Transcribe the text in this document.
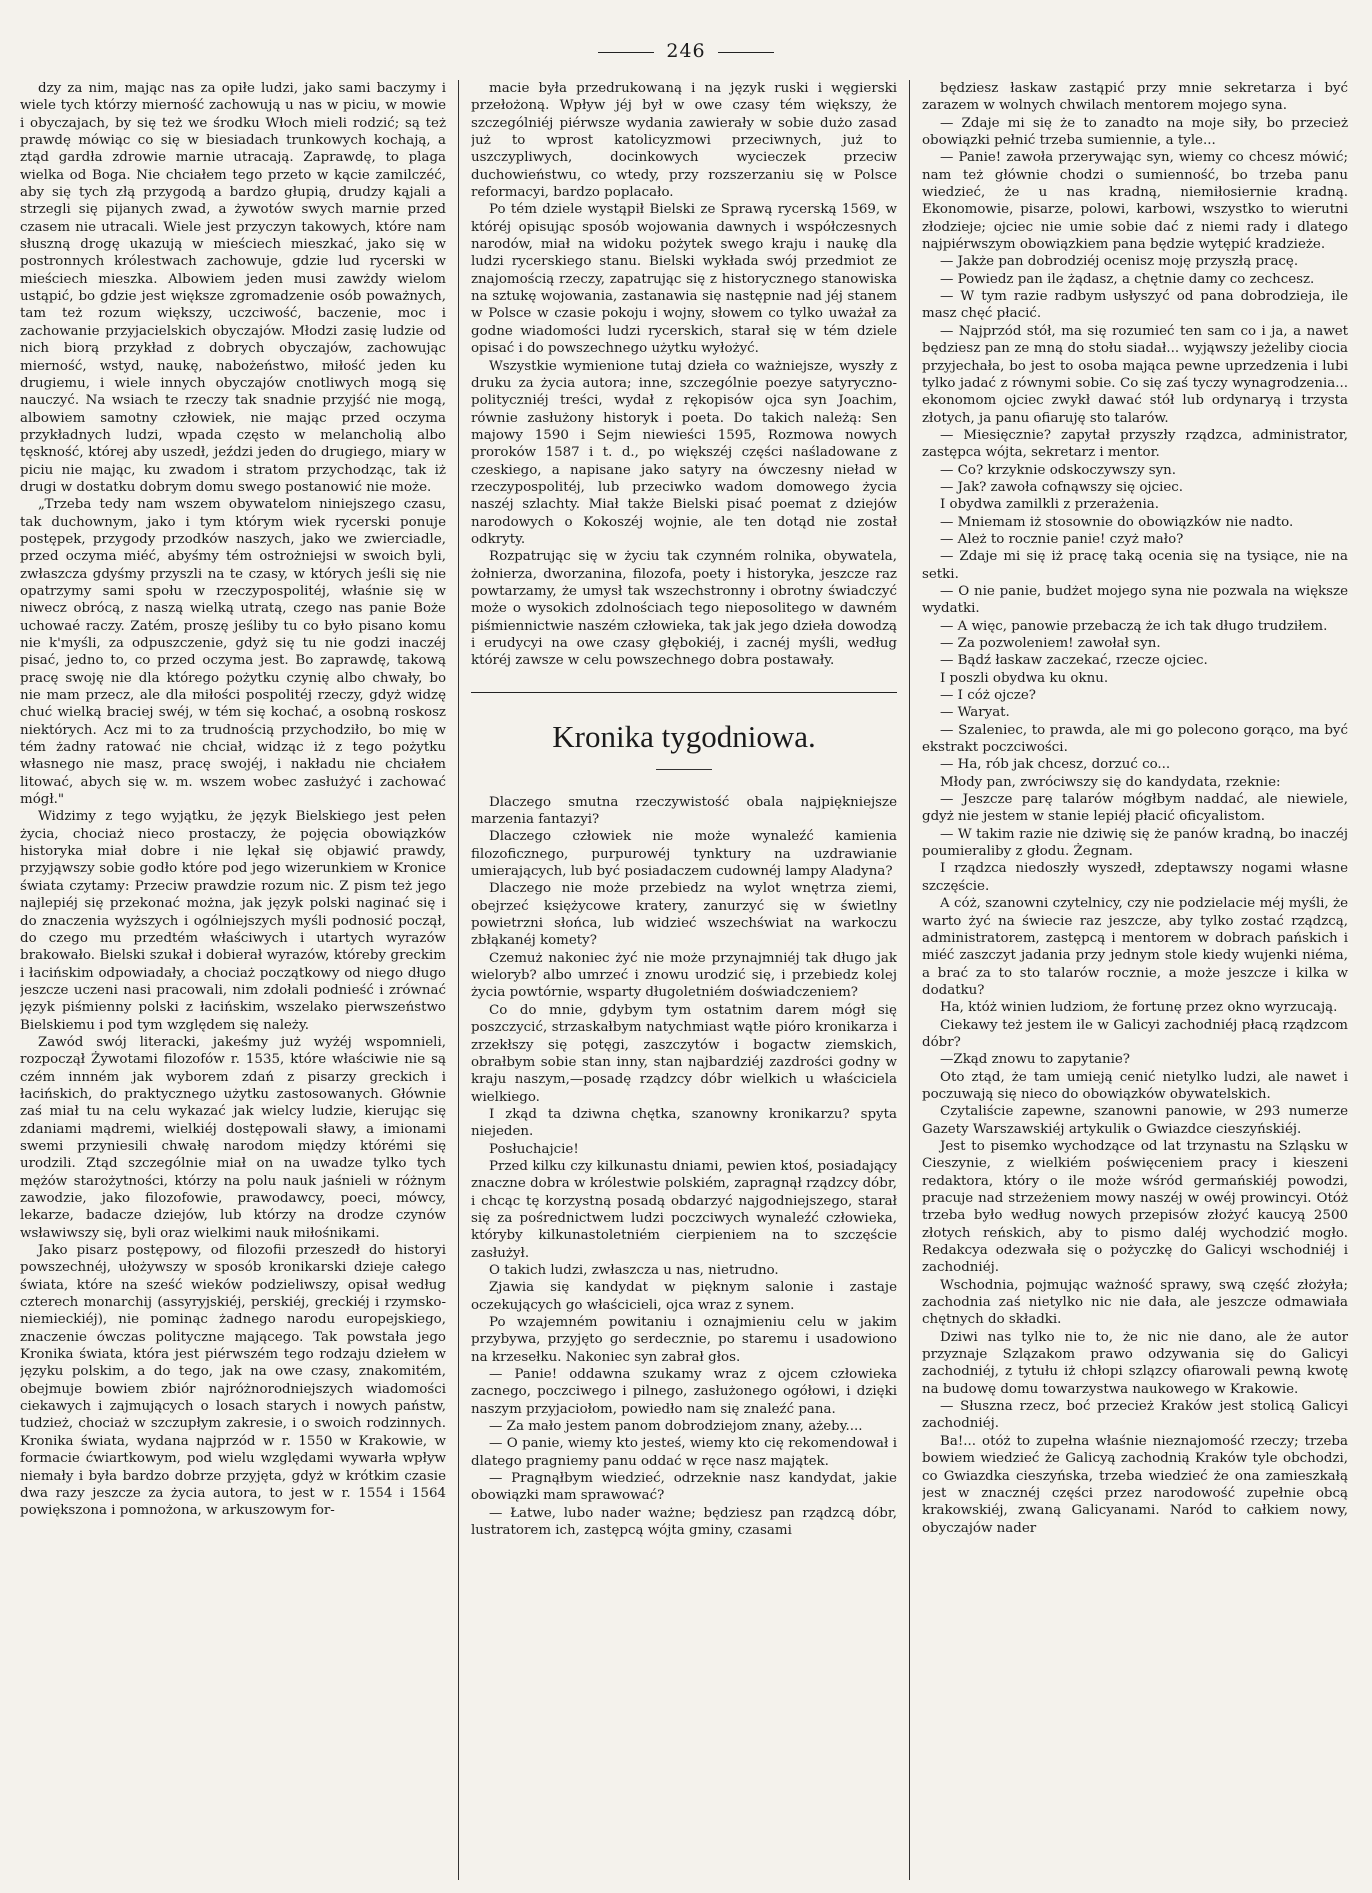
246

dzy za nim, mając nas za opiłe ludzi, jako sami baczymy i wiele tych którzy mierność zachowują u nas w piciu, w mowie i obyczajach, by się też we środku Włoch mieli rodzić; są też prawdę mówiąc co się w biesiadach trunkowych kochają, a ztąd gardła zdrowie marnie utracają. Zaprawdę, to plaga wielka od Boga. Nie chciałem tego przeto w kącie zamilczéć, aby się tych złą przygodą a bardzo głupią, drudzy kąjali a strzegli się pijanych zwad, a żywotów swych marnie przed czasem nie utracali. Wiele jest przyczyn takowych, które nam słuszną drogę ukazują w mieściech mieszkać, jako się w postronnych królestwach zachowuje, gdzie lud rycerski w mieściech mieszka. Albowiem jeden musi zawżdy wielom ustąpić, bo gdzie jest większe zgromadzenie osób poważnych, tam też rozum większy, uczciwość, baczenie, moc i zachowanie przyjacielskich obyczajów. Młodzi zasię ludzie od nich biorą przykład z dobrych obyczajów, zachowując mierność, wstyd, naukę, nabożeństwo, miłość jeden ku drugiemu, i wiele innych obyczajów cnotliwych mogą się nauczyć. Na wsiach te rzeczy tak snadnie przyjść nie mogą, albowiem samotny człowiek, nie mając przed oczyma przykładnych ludzi, wpada często w melancholią albo tęskność, której aby uszedł, jeździ jeden do drugiego, miary w piciu nie mając, ku zwadom i stratom przychodząc, tak iż drugi w dostatku dobrym domu swego postanowić nie może.

„Trzeba tedy nam wszem obywatelom niniejszego czasu, tak duchownym, jako i tym którym wiek rycerski ponuje postępek, przygody przodków naszych, jako we zwierciadle, przed oczyma miéć, abyśmy tém ostrożniejsi w swoich byli, zwłaszcza gdyśmy przyszli na te czasy, w których jeśli się nie opatrzymy sami społu w rzeczypospolitéj, właśnie się w niwecz obrócą, z naszą wielką utratą, czego nas panie Boże uchowaé raczy. Zatém, proszę jeśliby tu co było pisano komu nie k'myśli, za odpuszczenie, gdyż się tu nie godzi inaczéj pisać, jedno to, co przed oczyma jest. Bo zaprawdę, takową pracę swoję nie dla którego pożytku czynię albo chwały, bo nie mam przecz, ale dla miłości pospolitéj rzeczy, gdyż widzę chuć wielką braciej swéj, w tém się kochać, a osobną roskosz niektórych. Acz mi to za trudnością przychodziło, bo mię w tém żadny ratować nie chciał, widząc iż z tego pożytku własnego nie masz, pracę swojéj, i nakładu nie chciałem litować, abych się w. m. wszem wobec zasłużyć i zachować mógł."

Widzimy z tego wyjątku, że język Bielskiego jest pełen życia, chociaż nieco prostaczy, że pojęcia obowiązków historyka miał dobre i nie lękał się objawić prawdy, przyjąwszy sobie godło które pod jego wizerunkiem w Kronice świata czytamy: Przeciw prawdzie rozum nic. Z pism też jego najlepiéj się przekonać można, jak język polski naginać się i do znaczenia wyższych i ogólniejszych myśli podnosić począł, do czego mu przedtém właściwych i utartych wyrazów brakowało. Bielski szukał i dobierał wyrazów, któreby greckim i łacińskim odpowiadały, a chociaż początkowy od niego długo jeszcze uczeni nasi pracowali, nim zdołali podnieść i zrównać język piśmienny polski z łacińskim, wszelako pierwszeństwo Bielskiemu i pod tym względem się należy.

Zawód swój literacki, jakeśmy już wyżéj wspomnieli, rozpoczął Żywotami filozofów r. 1535, które właściwie nie są czém innném jak wyborem zdań z pisarzy greckich i łacińskich, do praktycznego użytku zastosowanych. Głównie zaś miał tu na celu wykazać jak wielcy ludzie, kierując się zdaniami mądremi, wielkiéj dostępowali sławy, a imionami swemi przyniesili chwałę narodom między którémi się urodzili. Ztąd szczególnie miał on na uwadze tylko tych mężów starożytności, którzy na polu nauk jaśnieli w różnym zawodzie, jako filozofowie, prawodawcy, poeci, mówcy, lekarze, badacze dziejów, lub którzy na drodze czynów wsławiwszy się, byli oraz wielkimi nauk miłośnikami.

Jako pisarz postępowy, od filozofii przeszedł do historyi powszechnéj, ułożywszy w sposób kronikarski dzieje całego świata, które na sześć wieków podzieliwszy, opisał według czterech monarchij (assyryjskiéj, perskiéj, greckiéj i rzymsko-niemieckiéj), nie pominąc żadnego narodu europejskiego, znaczenie ówczas polityczne mającego. Tak powstała jego Kronika świata, która jest piérwszém tego rodzaju dziełem w języku polskim, a do tego, jak na owe czasy, znakomitém, obejmuje bowiem zbiór najróżnorodniejszych wiadomości ciekawych i zajmujących o losach starych i nowych państw, tudzież, chociaż w szczupłym zakresie, i o swoich rodzinnych. Kronika świata, wydana najprzód w r. 1550 w Krakowie, w formacie ćwiartkowym, pod wielu względami wywarła wpływ niemały i była bardzo dobrze przyjęta, gdyż w krótkim czasie dwa razy jeszcze za życia autora, to jest w r. 1554 i 1564 powiększona i pomnożona, w arkuszowym for-

macie była przedrukowaną i na język ruski i węgierski przełożoną. Wpływ jéj był w owe czasy tém większy, że szczególniéj piérwsze wydania zawierały w sobie dużo zasad już to wprost katolicyzmowi przeciwnych, już to uszczypliwych, docinkowych wycieczek przeciw duchowieństwu, co wtedy, przy rozszerzaniu się w Polsce reformacyi, bardzo poplacało.

Po tém dziele wystąpił Bielski ze Sprawą rycerską 1569, w któréj opisując sposób wojowania dawnych i współczesnych narodów, miał na widoku pożytek swego kraju i naukę dla ludzi rycerskiego stanu. Bielski wykłada swój przedmiot ze znajomością rzeczy, zapatrując się z historycznego stanowiska na sztukę wojowania, zastanawia się następnie nad jéj stanem w Polsce w czasie pokoju i wojny, słowem co tylko uważał za godne wiadomości ludzi rycerskich, starał się w tém dziele opisać i do powszechnego użytku wyłożyć.

Wszystkie wymienione tutaj dzieła co ważniejsze, wyszły z druku za życia autora; inne, szczególnie poezye satyryczno-polityczniéj treści, wydał z rękopisów ojca syn Joachim, równie zasłużony historyk i poeta. Do takich należą: Sen majowy 1590 i Sejm niewieści 1595, Rozmowa nowych proroków 1587 i t. d., po większéj części naśladowane z czeskiego, a napisane jako satyry na ówczesny nieład w rzeczypospolitéj, lub przeciwko wadom domowego życia naszéj szlachty. Miał także Bielski pisać poemat z dziejów narodowych o Kokoszéj wojnie, ale ten dotąd nie został odkryty.

Rozpatrując się w życiu tak czynném rolnika, obywatela, żołnierza, dworzanina, filozofa, poety i historyka, jeszcze raz powtarzamy, że umysł tak wszechstronny i obrotny świadczyć może o wysokich zdolnościach tego nieposolitego w dawném piśmiennictwie naszém człowieka, tak jak jego dzieła dowodzą i erudycyi na owe czasy głębokiéj, i zacnéj myśli, według któréj zawsze w celu powszechnego dobra postawały.

Kronika tygodniowa.

Dlaczego smutna rzeczywistość obala najpiękniejsze marzenia fantazyi?

Dlaczego człowiek nie może wynaleźć kamienia filozoficznego, purpurowéj tynktury na uzdrawianie umierających, lub być posiadaczem cudownéj lampy Aladyna?

Dlaczego nie może przebiedz na wylot wnętrza ziemi, obejrzeć księżycowe kratery, zanurzyć się w świetlny powietrzni słońca, lub widzieć wszechświat na warkoczu zbłąkanéj komety?

Czemuż nakoniec żyć nie może przynajmniéj tak długo jak wieloryb? albo umrzeć i znowu urodzić się, i przebiedz kolej życia powtórnie, wsparty długoletniém doświadczeniem?

Co do mnie, gdybym tym ostatnim darem mógł się poszczycić, strzaskałbym natychmiast wątłe pióro kronikarza i zrzekłszy się potęgi, zaszczytów i bogactw ziemskich, obrałbym sobie stan inny, stan najbardziéj zazdrości godny w kraju naszym,—posadę rządzcy dóbr wielkich u właściciela wielkiego.

I zkąd ta dziwna chętka, szanowny kronikarzu? spyta niejeden.

Posłuchajcie!

Przed kilku czy kilkunastu dniami, pewien ktoś, posiadający znaczne dobra w królestwie polskiém, zapragnął rządzcy dóbr, i chcąc tę korzystną posadą obdarzyć najgodniejszego, starał się za pośrednictwem ludzi poczciwych wynaleźć człowieka, któryby kilkunastoletniém cierpieniem na to szczęście zasłużył.

O takich ludzi, zwłaszcza u nas, nietrudno.

Zjawia się kandydat w pięknym salonie i zastaje oczekujących go właścicieli, ojca wraz z synem.

Po wzajemném powitaniu i oznajmieniu celu w jakim przybywa, przyjęto go serdecznie, po staremu i usadowiono na krzesełku. Nakoniec syn zabrał głos.

— Panie! oddawna szukamy wraz z ojcem człowieka zacnego, poczciwego i pilnego, zasłużonego ogółowi, i dzięki naszym przyjaciołom, powiedło nam się znaleźć pana.

— Za mało jestem panom dobrodziejom znany, ażeby....

— O panie, wiemy kto jesteś, wiemy kto cię rekomendował i dlatego pragniemy panu oddać w ręce nasz majątek.

— Pragnąłbym wiedzieć, odrzeknie nasz kandydat, jakie obowiązki mam sprawować?

— Łatwe, lubo nader ważne; będziesz pan rządzcą dóbr, lustratorem ich, zastępcą wójta gminy, czasami

będziesz łaskaw zastąpić przy mnie sekretarza i być zarazem w wolnych chwilach mentorem mojego syna.

— Zdaje mi się że to zanadto na moje siły, bo przecież obowiązki pełnić trzeba sumiennie, a tyle...

— Panie! zawoła przerywając syn, wiemy co chcesz mówić; nam też głównie chodzi o sumienność, bo trzeba panu wiedzieć, że u nas kradną, niemiłosiernie kradną. Ekonomowie, pisarze, polowi, karbowi, wszystko to wierutni złodzieje; ojciec nie umie sobie dać z niemi rady i dlatego najpiérwszym obowiązkiem pana będzie wytępić kradzieże.

— Jakże pan dobrodziéj ocenisz moję przyszłą pracę.

— Powiedz pan ile żądasz, a chętnie damy co zechcesz.

— W tym razie radbym usłyszyć od pana dobrodzieja, ile masz chęć płacić.

— Najprzód stół, ma się rozumieć ten sam co i ja, a nawet będziesz pan ze mną do stołu siadał... wyjąwszy jeżeliby ciocia przyjechała, bo jest to osoba mająca pewne uprzedzenia i lubi tylko jadać z równymi sobie. Co się zaś tyczy wynagrodzenia... ekonomom ojciec zwykł dawać stół lub ordynaryą i trzysta złotych, ja panu ofiaruję sto talarów.

— Miesięcznie? zapytał przyszły rządzca, administrator, zastępca wójta, sekretarz i mentor.

— Co? krzyknie odskoczywszy syn.

— Jak? zawoła cofnąwszy się ojciec.

I obydwa zamilkli z przerażenia.

— Mniemam iż stosownie do obowiązków nie nadto.

— Ależ to rocznie panie! czyż mało?

— Zdaje mi się iż pracę taką ocenia się na tysiące, nie na setki.

— O nie panie, budżet mojego syna nie pozwala na większe wydatki.

— A więc, panowie przebaczą że ich tak długo trudziłem.

— Za pozwoleniem! zawołał syn.

— Bądź łaskaw zaczekać, rzecze ojciec.

I poszli obydwa ku oknu.

— I cóż ojcze?

— Waryat.

— Szaleniec, to prawda, ale mi go polecono gorąco, ma być ekstrakt poczciwości.

— Ha, rób jak chcesz, dorzuć co...

Młody pan, zwróciwszy się do kandydata, rzeknie:

— Jeszcze parę talarów mógłbym naddać, ale niewiele, gdyż nie jestem w stanie lepiéj płacić oficyalistom.

— W takim razie nie dziwię się że panów kradną, bo inaczéj poumieraliby z głodu. Żegnam.

I rządzca niedoszły wyszedł, zdeptawszy nogami własne szczęście.

A cóż, szanowni czytelnicy, czy nie podzielacie méj myśli, że warto żyć na świecie raz jeszcze, aby tylko zostać rządzcą, administratorem, zastępcą i mentorem w dobrach pańskich i miéć zaszczyt jadania przy jednym stole kiedy wujenki niéma, a brać za to sto talarów rocznie, a może jeszcze i kilka w dodatku?

Ha, któż winien ludziom, że fortunę przez okno wyrzucają.

Ciekawy też jestem ile w Galicyi zachodniéj płacą rządzcom dóbr?

—Zkąd znowu to zapytanie?

Oto ztąd, że tam umieją cenić nietylko ludzi, ale nawet i poczuwają się nieco do obowiązków obywatelskich.

Czytaliście zapewne, szanowni panowie, w 293 numerze Gazety Warszawskiéj artykulik o Gwiazdce cieszyńskiéj.

Jest to pisemko wychodzące od lat trzynastu na Szląsku w Cieszynie, z wielkiém poświęceniem pracy i kieszeni redaktora, który o ile może wśród germańskiéj powodzi, pracuje nad strzeżeniem mowy naszéj w owéj prowincyi. Otóż trzeba było według nowych przepisów złożyć kaucyą 2500 złotych reńskich, aby to pismo daléj wychodzić mogło. Redakcya odezwała się o pożyczkę do Galicyi wschodniéj i zachodniéj.

Wschodnia, pojmując ważność sprawy, swą część złożyła; zachodnia zaś nietylko nic nie dała, ale jeszcze odmawiała chętnych do składki.

Dziwi nas tylko nie to, że nic nie dano, ale że autor przyznaje Szlązakom prawo odzywania się do Galicyi zachodniéj, z tytułu iż chłopi szlązcy ofiarowali pewną kwotę na budowę domu towarzystwa naukowego w Krakowie.

— Słuszna rzecz, boć przecież Kraków jest stolicą Galicyi zachodniéj.

Ba!... otóż to zupełna właśnie nieznajomość rzeczy; trzeba bowiem wiedzieć że Galicyą zachodnią Kraków tyle obchodzi, co Gwiazdka cieszyńska, trzeba wiedzieć że ona zamieszkałą jest w znacznéj części przez narodowość zupełnie obcą krakowskiéj, zwaną Galicyanami. Naród to całkiem nowy, obyczajów nader
